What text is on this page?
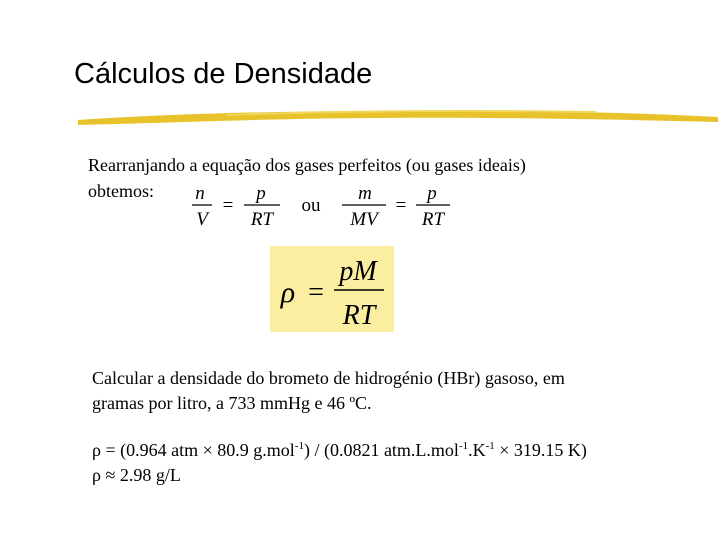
Cálculos de Densidade
Rearranjando a equação dos gases perfeitos (ou gases ideais)
obtemos:	n
V
=
p
RT
ou
m
MV
=
p
RT
ρ =
pM
RT
Calcular a densidade do brometo de hidrogénio (HBr) gasoso, em
gramas por litro, a 733 mmHg e 46 ºC.
ρ = (0.964 atm × 80.9 g.mol$^{-1}$) / (0.0821 $atm.L.mol^{-1}.K^{-1} \times 319.15$ K)
ρ ≈ 2.98 g/L
